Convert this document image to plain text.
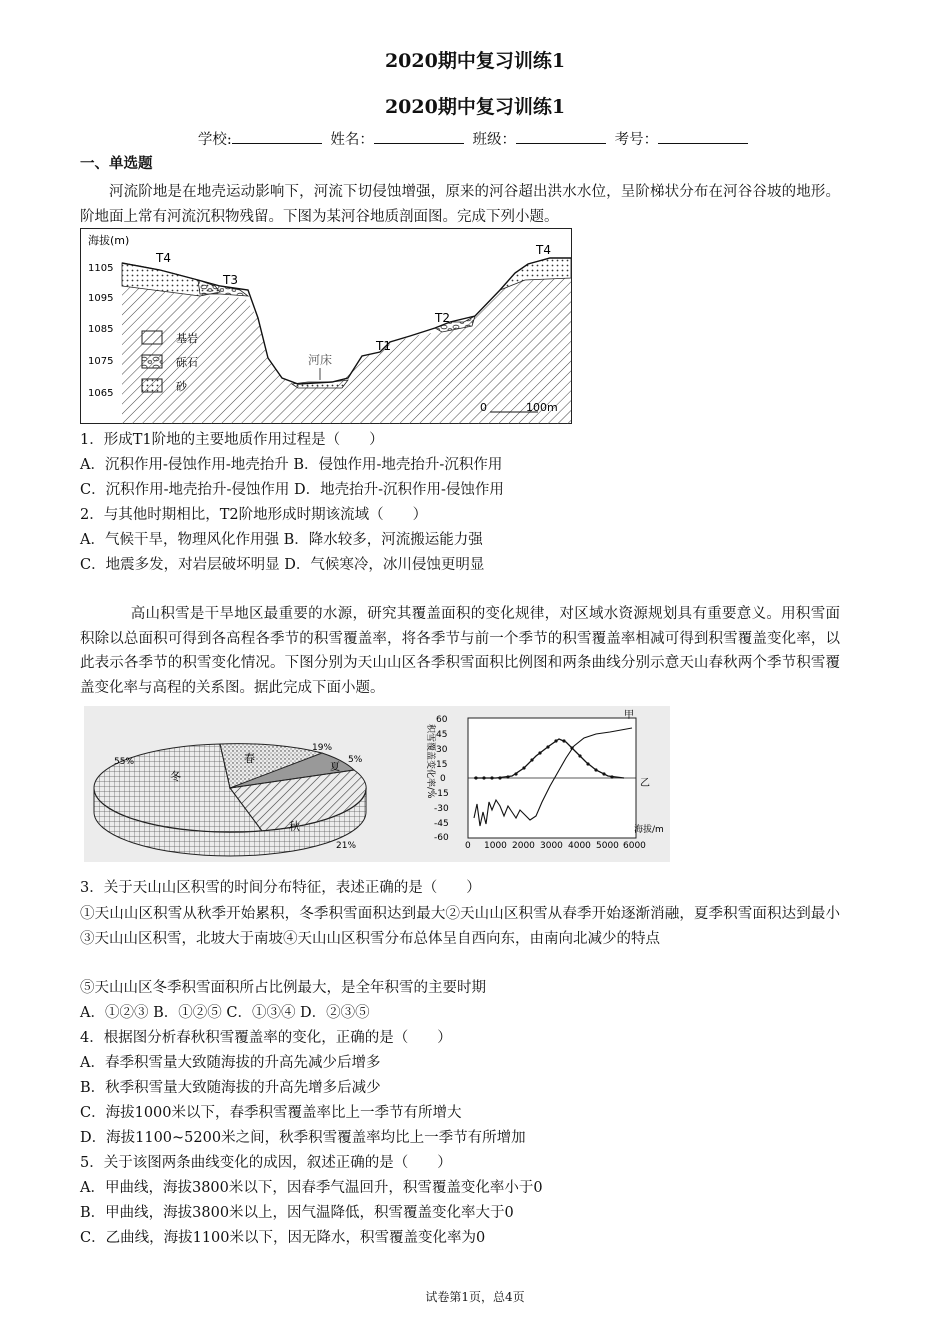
2020期中复习训练1
2020期中复习训练1
学校:	姓名：	班级：	考号：
一、单选题
河流阶地是在地壳运动影响下，河流下切侵蚀增强，原来的河谷超出洪水水位，呈阶梯状分布在河谷谷坡的地形。阶地面上常有河流沉积物残留。下图为某河谷地质剖面图。完成下列小题。
海拔(m)
1105
1095
1085
1075
1065
T4
T3
T2
T1
T4
河床
基岩
砾石
砂
0	100m
1．形成T1阶地的主要地质作用过程是（　　）
A．沉积作用-侵蚀作用-地壳抬升 B．侵蚀作用-地壳抬升-沉积作用
C．沉积作用-地壳抬升-侵蚀作用 D．地壳抬升-沉积作用-侵蚀作用
2．与其他时期相比，T2阶地形成时期该流域（　　）
A．气候干旱，物理风化作用强 B．降水较多，河流搬运能力强
C．地震多发，对岩层破坏明显 D．气候寒冷，冰川侵蚀更明显
高山积雪是干旱地区最重要的水源，研究其覆盖面积的变化规律，对区域水资源规划具有重要意义。用积雪面积除以总面积可得到各高程各季节的积雪覆盖率，将各季节与前一个季节的积雪覆盖率相减可得到积雪覆盖变化率，以此表示各季节的积雪变化情况。下图分别为天山山区各季积雪面积比例图和两条曲线分别示意天山春秋两个季节积雪覆盖变化率与高程的关系图。据此完成下面小题。
冬
春
夏
秋
55%
19%
5%
21%
60
45
30
15
0
-15
-30
-45
-60
0 1000 2000 3000 4000 5000 6000
海拔/m
积雪覆盖变化率/%
甲
乙
3．关于天山山区积雪的时间分布特征，表述正确的是（　　）
①天山山区积雪从秋季开始累积，冬季积雪面积达到最大②天山山区积雪从春季开始逐渐消融，夏季积雪面积达到最小③天山山区积雪，北坡大于南坡④天山山区积雪分布总体呈自西向东，由南向北减少的特点
⑤天山山区冬季积雪面积所占比例最大，是全年积雪的主要时期
A．①②③ B．①②⑤ C．①③④ D．②③⑤
4．根据图分析春秋积雪覆盖率的变化，正确的是（　　）
A．春季积雪量大致随海拔的升高先减少后增多
B．秋季积雪量大致随海拔的升高先增多后减少
C．海拔1000米以下，春季积雪覆盖率比上一季节有所增大
D．海拔1100~5200米之间，秋季积雪覆盖率均比上一季节有所增加
5．关于该图两条曲线变化的成因，叙述正确的是（　　）
A．甲曲线，海拔3800米以下，因春季气温回升，积雪覆盖变化率小于0
B．甲曲线，海拔3800米以上，因气温降低，积雪覆盖变化率大于0
C．乙曲线，海拔1100米以下，因无降水，积雪覆盖变化率为0
试卷第1页，总4页
